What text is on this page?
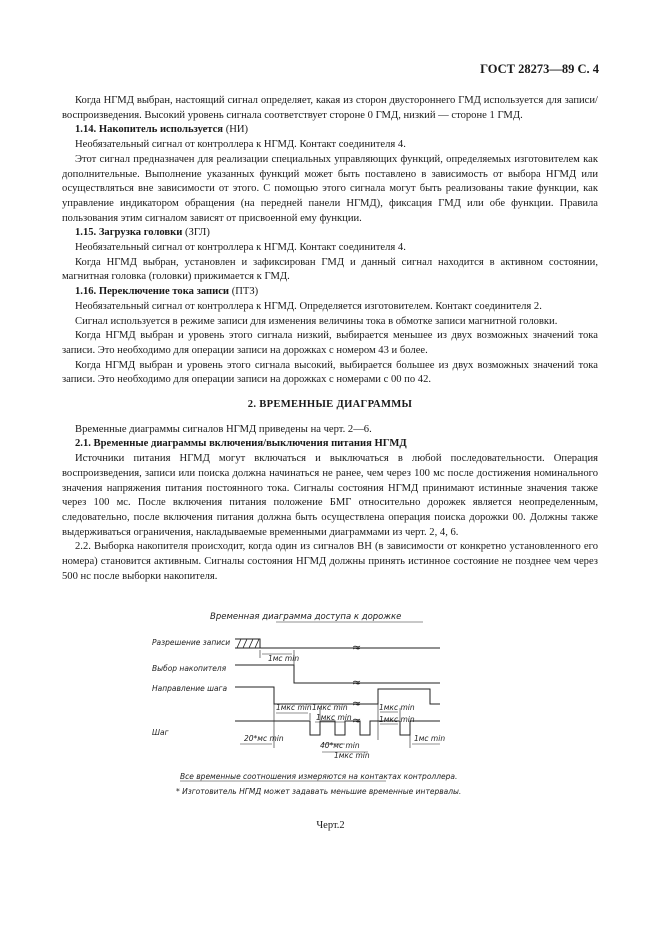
ГОСТ 28273—89 С. 4

Когда НГМД выбран, настоящий сигнал определяет, какая из сторон двустороннего ГМД используется для записи/воспроизведения. Высокий уровень сигнала соответствует стороне 0 ГМД, низкий — стороне 1 ГМД.

1.14. Накопитель используется (НИ)

Необязательный сигнал от контроллера к НГМД. Контакт соединителя 4.

Этот сигнал предназначен для реализации специальных управляющих функций, определяемых изготовителем как дополнительные. Выполнение указанных функций может быть поставлено в зависимость от выбора НГМД или осуществляться вне зависимости от этого. С помощью этого сигнала могут быть реализованы такие функции, как управление индикатором обращения (на передней панели НГМД), фиксация ГМД или обе функции. Правила пользования этим сигналом зависят от присвоенной ему функции.

1.15. Загрузка головки (ЗГЛ)

Необязательный сигнал от контроллера к НГМД. Контакт соединителя 4.

Когда НГМД выбран, установлен и зафиксирован ГМД и данный сигнал находится в активном состоянии, магнитная головка (головки) прижимается к ГМД.

1.16. Переключение тока записи (ПТЗ)

Необязательный сигнал от контроллера к НГМД. Определяется изготовителем. Контакт соединителя 2.

Сигнал используется в режиме записи для изменения величины тока в обмотке записи магнитной головки.

Когда НГМД выбран и уровень этого сигнала низкий, выбирается меньшее из двух возможных значений тока записи. Это необходимо для операции записи на дорожках с номером 43 и более.

Когда НГМД выбран и уровень этого сигнала высокий, выбирается большее из двух возможных значений тока записи. Это необходимо для операции записи на дорожках с номерами с 00 по 42.

2. ВРЕМЕННЫЕ ДИАГРАММЫ

Временные диаграммы сигналов НГМД приведены на черт. 2—6.

2.1. Временные диаграммы включения/выключения питания НГМД

Источники питания НГМД могут включаться и выключаться в любой последовательности. Операция воспроизведения, записи или поиска должна начинаться не ранее, чем через 100 мс после достижения номинального значения напряжения питания постоянного тока. Сигналы состояния НГМД принимают истинные значения также через 100 мс. После включения питания положение БМГ относительно дорожек является неопределенным, следовательно, после включения питания должна быть осуществлена операция поиска дорожки 00. Должны также выдерживаться ограничения, накладываемые временными диаграммами из черт. 2, 4, 6.

2.2. Выборка накопителя происходит, когда один из сигналов ВН (в зависимости от конкретно установленного его номера) становится активным. Сигналы состояния НГМД должны принять истинное состояние не позднее чем через 500 нс после выборки накопителя.

Временная диаграмма доступа к дорожке
Разрешение записи
Выбор накопителя
Направление шага
Шаг
≈
≈
≈
≈
1мс min
1мкс min 1мкс min
1мкс min
1мкс min
1мкс min
20*мс min
40*мс min
1мкс min
1мс min
Все временные соотношения измеряются на контактах контроллера.
* Изготовитель НГМД может задавать меньшие временные интервалы.
Черт.2
